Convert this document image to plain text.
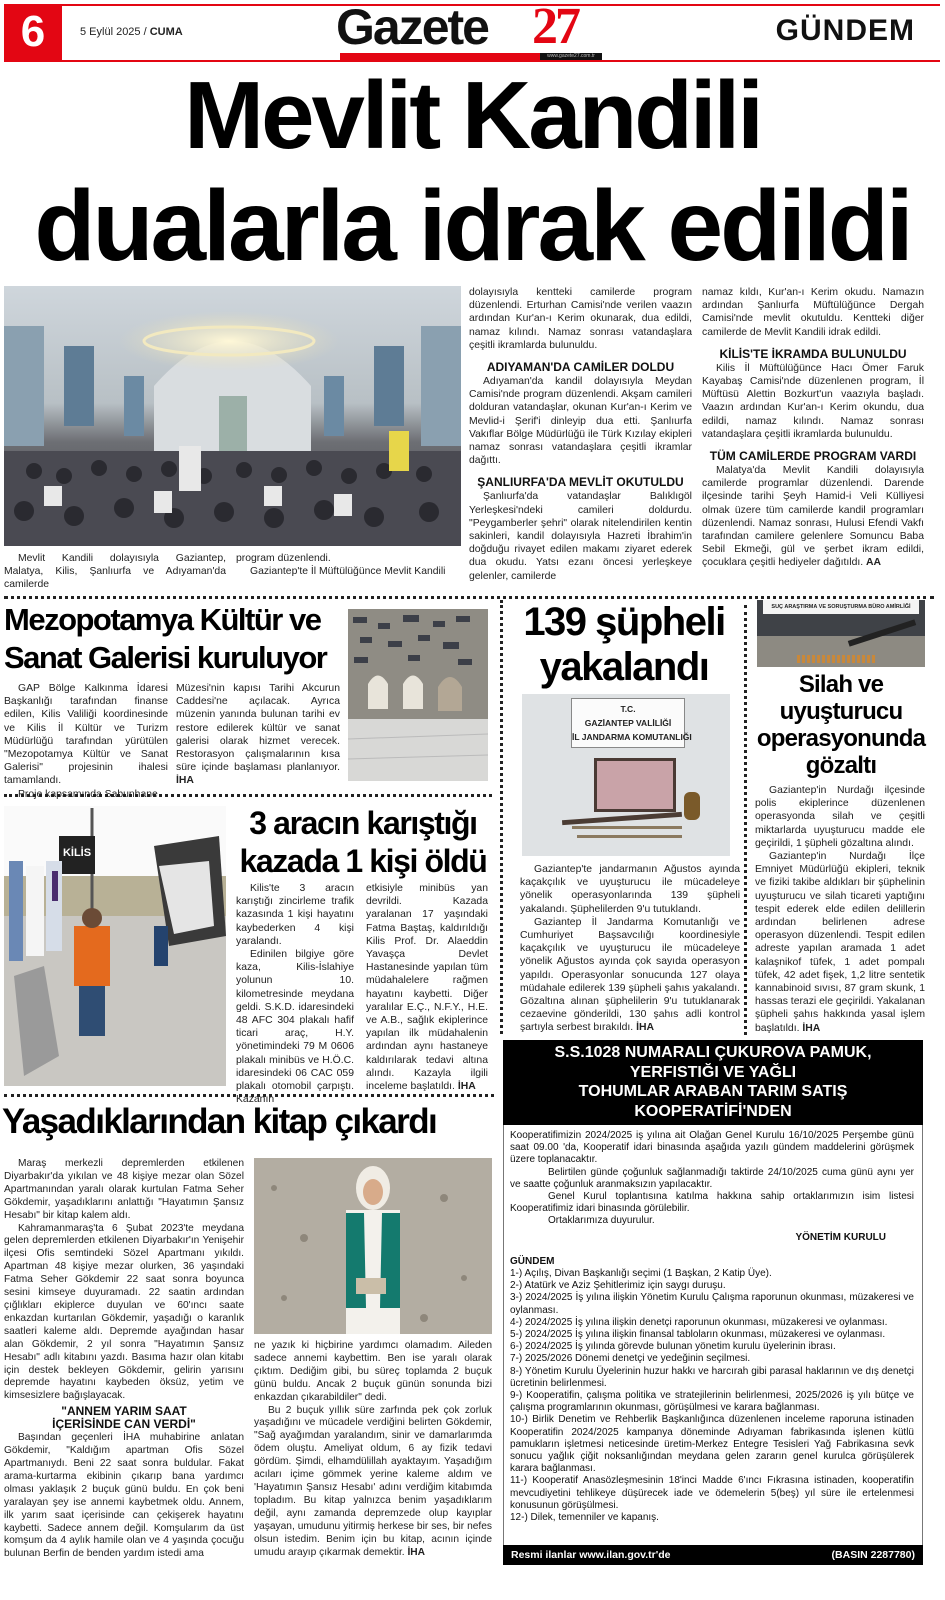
6	5 Eylül 2025 / CUMA	Gazete 27
www.gazete27.com.tr
GÜNDEM
Mevlit Kandili
dualarla idrak edildi

Mevlit Kandili dolayısıyla Gaziantep, Malatya, Kilis, Şanlıurfa ve Adıyaman'da camilerde

program düzenlendi.

Gaziantep'te İl Müftülüğünce Mevlit Kandili

dolayısıyla kentteki camilerde program düzenlendi. Erturhan Camisi'nde verilen vaazın ardından Kur'an-ı Kerim okunarak, dua edildi, namaz kılındı. Namaz sonrası vatandaşlara çeşitli ikramlarda bulunuldu.

ADIYAMAN'DA CAMİLER DOLDU

Adıyaman'da kandil dolayısıyla Meydan Camisi'nde program düzenlendi. Akşam camileri dolduran vatandaşlar, okunan Kur'an-ı Kerim ve Mevlid-i Şerif'i dinleyip dua etti. Şanlıurfa Vakıflar Bölge Müdürlüğü ile Türk Kızılay ekipleri namaz sonrası vatandaşlara çeşitli ikramlar dağıttı.

ŞANLIURFA'DA MEVLİT OKUTULDU

Şanlıurfa'da vatandaşlar Balıklıgöl Yerleşkesi'ndeki camileri doldurdu. "Peygamberler şehri" olarak nitelendirilen kentin sakinleri, kandil dolayısıyla Hazreti İbrahim'in doğduğu rivayet edilen makamı ziyaret ederek dua okudu. Yatsı ezanı öncesi yerleşkeye gelenler, camilerde

namaz kıldı, Kur'an-ı Kerim okudu. Namazın ardından Şanlıurfa Müftülüğünce Dergah Camisi'nde mevlit okutuldu. Kentteki diğer camilerde de Mevlit Kandili idrak edildi.

KİLİS'TE İKRAMDA BULUNULDU

Kilis İl Müftülüğünce Hacı Ömer Faruk Kayabaş Camisi'nde düzenlenen program, İl Müftüsü Alettin Bozkurt'un vaazıyla başladı. Vaazın ardından Kur'an-ı Kerim okundu, dua edildi, namaz kılındı. Namaz sonrası vatandaşlara çeşitli ikramlarda bulunuldu.

TÜM CAMİLERDE PROGRAM VARDI

Malatya'da Mevlit Kandili dolayısıyla camilerde programlar düzenlendi. Darende ilçesinde tarihi Şeyh Hamid-i Veli Külliyesi olmak üzere tüm camilerde kandil programları düzenlendi. Namaz sonrası, Hulusi Efendi Vakfı tarafından camilere gelenlere Somuncu Baba Sebil Ekmeği, gül ve şerbet ikram edildi, çocuklara çeşitli hediyeler dağıtıldı. AA

Mezopotamya Kültür ve
Sanat Galerisi kuruluyor

GAP Bölge Kalkınma İdaresi Başkanlığı tarafından finanse edilen, Kilis Valiliği koordinesinde ve Kilis İl Kültür ve Turizm Müdürlüğü tarafından yürütülen "Mezopotamya Kültür ve Sanat Galerisi" projesinin ihalesi tamamlandı.

Proje kapsamında Sabunhane

Müzesi'nin kapısı Tarihi Akcurun Caddesi'ne açılacak. Ayrıca müzenin yanında bulunan tarihi ev restore edilerek kültür ve sanat galerisi olarak hizmet verecek. Restorasyon çalışmalarının kısa süre içinde başlaması planlanıyor. İHA

139 şüpheli
yakalandı
T.C.
GAZİANTEP VALİLİĞİ
İL JANDARMA KOMUTANLIĞI

Gaziantep'te jandarmanın Ağustos ayında kaçakçılık ve uyuşturucu ile mücadeleye yönelik operasyonlarında 139 şüpheli yakalandı. Şüphelilerden 9'u tutuklandı.

Gaziantep İl Jandarma Komutanlığı ve Cumhuriyet Başsavcılığı koordinesiyle kaçakçılık ve uyuşturucu ile mücadeleye yönelik Ağustos ayında çok sayıda operasyon yapıldı. Operasyonlar sonucunda 127 olaya müdahale edilerek 139 şüpheli şahıs yakalandı. Gözaltına alınan şüphelilerin 9'u tutuklanarak cezaevine gönderildi, 130 şahıs adli kontrol şartıyla serbest bırakıldı. İHA

SUÇ ARAŞTIRMA VE SORUŞTURMA BÜRO AMİRLİĞİ
Silah ve
uyuşturucu
operasyonunda
gözaltı

Gaziantep'in Nurdağı ilçesinde polis ekiplerince düzenlenen operasyonda silah ve çeşitli miktarlarda uyuşturucu madde ele geçirildi, 1 şüpheli gözaltına alındı.

Gaziantep'in Nurdağı İlçe Emniyet Müdürlüğü ekipleri, teknik ve fiziki takibe aldıkları bir şüphelinin uyuşturucu ve silah ticareti yaptığını tespit ederek elde edilen delillerin ardından belirlenen adrese operasyon düzenlendi. Tespit edilen adreste yapılan aramada 1 adet kalaşnikof tüfek, 1 adet pompalı tüfek, 42 adet fişek, 1,2 litre sentetik kannabinoid sıvısı, 87 gram skunk, 1 hassas terazi ele geçirildi. Yakalanan şüpheli şahıs hakkında yasal işlem başlatıldı. İHA

KİLİS
3 aracın karıştığı
kazada 1 kişi öldü

Kilis'te 3 aracın karıştığı zincirleme trafik kazasında 1 kişi hayatını kaybederken 4 kişi yaralandı.

Edinilen bilgiye göre kaza, Kilis-İslahiye yolunun 10. kilometresinde meydana geldi. S.K.D. idaresindeki 48 AFC 304 plakalı hafif ticari araç, H.Y. yönetimindeki 79 M 0606 plakalı minibüs ve H.Ö.C. idaresindeki 06 CAC 059 plakalı otomobil çarpıştı. Kazanın

etkisiyle minibüs yan devrildi. Kazada yaralanan 17 yaşındaki Fatma Baştaş, kaldırıldığı Kilis Prof. Dr. Alaeddin Yavaşça Devlet Hastanesinde yapılan tüm müdahalelere rağmen hayatını kaybetti. Diğer yaralılar E.Ç., N.F.Y., H.E. ve A.B., sağlık ekiplerince yapılan ilk müdahalenin ardından aynı hastaneye kaldırılarak tedavi altına alındı. Kazayla ilgili inceleme başlatıldı. İHA

Yaşadıklarından kitap çıkardı

Maraş merkezli depremlerden etkilenen Diyarbakır'da yıkılan ve 48 kişiye mezar olan Sözel Apartmanından yaralı olarak kurtulan Fatma Seher Gökdemir, yaşadıklarını anlattığı "Hayatımın Şansız Hesabı" bir kitap kalem aldı.

Kahramanmaraş'ta 6 Şubat 2023'te meydana gelen depremlerden etkilenen Diyarbakır'ın Yenişehir ilçesi Ofis semtindeki Sözel Apartmanı yıkıldı. Apartman 48 kişiye mezar olurken, 36 yaşındaki Fatma Seher Gökdemir 22 saat sonra boyunca sesini kimseye duyuramadı. 22 saatin ardından çığlıkları ekiplerce duyulan ve 60'ıncı saate enkazdan kurtarılan Gökdemir, yaşadığı o karanlık saatleri kaleme aldı. Depremde ayağından hasar alan Gökdemir, 2 yıl sonra "Hayatımın Şansız Hesabı" adlı kitabını yazdı. Basıma hazır olan kitabı için destek bekleyen Gökdemir, gelirin yarısını depremde hayatını kaybeden öksüz, yetim ve kimsesizlere bağışlayacak.

"ANNEM YARIM SAAT
İÇERİSİNDE CAN VERDİ"

Başından geçenleri İHA muhabirine anlatan Gökdemir, "Kaldığım apartman Ofis Sözel Apartmanıydı. Beni 22 saat sonra buldular. Fakat arama-kurtarma ekibinin çıkarıp bana yardımcı olması yaklaşık 2 buçuk günü buldu. En çok beni yaralayan şey ise annemi kaybetmek oldu. Annem, ilk yarım saat içerisinde can çekişerek hayatını kaybetti. Sadece annem değil. Komşularım da üst komşum da 4 aylık hamile olan ve 4 yaşında çocuğu bulunan Berfin de benden yardım istedi ama

ne yazık ki hiçbirine yardımcı olamadım. Aileden sadece annemi kaybettim. Ben ise yaralı olarak çıktım. Dediğim gibi, bu süreç toplamda 2 buçuk günü buldu. Ancak 2 buçuk günün sonunda bizi enkazdan çıkarabildiler" dedi.

Bu 2 buçuk yıllık süre zarfında pek çok zorluk yaşadığını ve mücadele verdiğini belirten Gökdemir, "Sağ ayağımdan yaralandım, sinir ve damarlarımda ödem oluştu. Ameliyat oldum, 6 ay fizik tedavi gördüm. Şimdi, elhamdülillah ayaktayım. Yaşadığım acıları içime gömmek yerine kaleme aldım ve 'Hayatımın Şansız Hesabı' adını verdiğim kitabımda topladım. Bu kitap yalnızca benim yaşadıklarım değil, aynı zamanda depremzede olup kayıplar yaşayan, umudunu yitirmiş herkese bir ses, bir nefes olsun istedim. Benim için bu kitap, acının içinde umudu arayıp çıkarmak demektir. İHA

S.S.1028 NUMARALI ÇUKUROVA PAMUK,
YERFISTIĞI VE YAĞLI
TOHUMLAR ARABAN TARIM SATIŞ
KOOPERATİFİ'NDEN

Kooperatifimizin 2024/2025 iş yılına ait Olağan Genel Kurulu 16/10/2025 Perşembe günü saat 09.00 'da, Kooperatif idari binasında aşağıda yazılı gündem maddelerini görüşmek üzere toplanacaktır.

Belirtilen günde çoğunluk sağlanmadığı taktirde 24/10/2025 cuma günü aynı yer ve saatte çoğunluk aranmaksızın yapılacaktır.

Genel Kurul toplantısına katılma hakkına sahip ortaklarımızın isim listesi Kooperatifimiz idari binasında görülebilir.

Ortaklarımıza duyurulur.

YÖNETİM KURULU

GÜNDEM

1-) Açılış, Divan Başkanlığı seçimi (1 Başkan, 2 Katip Üye).

2-) Atatürk ve Aziz Şehitlerimiz için saygı duruşu.

3-) 2024/2025 İş yılına ilişkin Yönetim Kurulu Çalışma raporunun okunması, müzakeresi ve oylanması.

4-) 2024/2025 İş yılına ilişkin denetçi raporunun okunması, müzakeresi ve oylanması.

5-) 2024/2025 İş yılına ilişkin finansal tabloların okunması, müzakeresi ve oylanması.

6-) 2024/2025 İş yılında görevde bulunan yönetim kurulu üyelerinin ibrası.

7-) 2025/2026 Dönemi denetçi ve yedeğinin seçilmesi.

8-) Yönetim Kurulu Üyelerinin huzur hakkı ve harcırah gibi parasal haklarının ve dış denetçi ücretinin belirlenmesi.

9-) Kooperatifin, çalışma politika ve stratejilerinin belirlenmesi, 2025/2026 iş yılı bütçe ve çalışma programlarının okunması, görüşülmesi ve karara bağlanması.

10-) Birlik Denetim ve Rehberlik Başkanlığınca düzenlenen inceleme raporuna istinaden Kooperatifin 2024/2025 kampanya döneminde Adıyaman fabrikasında işlenen kütlü pamukların işletmesi neticesinde üretim-Merkez Entegre Tesisleri Yağ Fabrikasına sevk sonucu yağlık çiğit noksanlığından meydana gelen zararın genel kurulca görüşülerek karara bağlanması.

11-) Kooperatif Anasözleşmesinin 18'inci Madde 6'ıncı Fıkrasına istinaden, kooperatifin mevcudiyetini tehlikeye düşürecek iade ve ödemelerin 5(beş) yıl süre ile ertelenmesi konusunun görüşülmesi.

12-) Dilek, temenniler ve kapanış.

Resmi ilanlar www.ilan.gov.tr'de	(BASIN 2287780)
